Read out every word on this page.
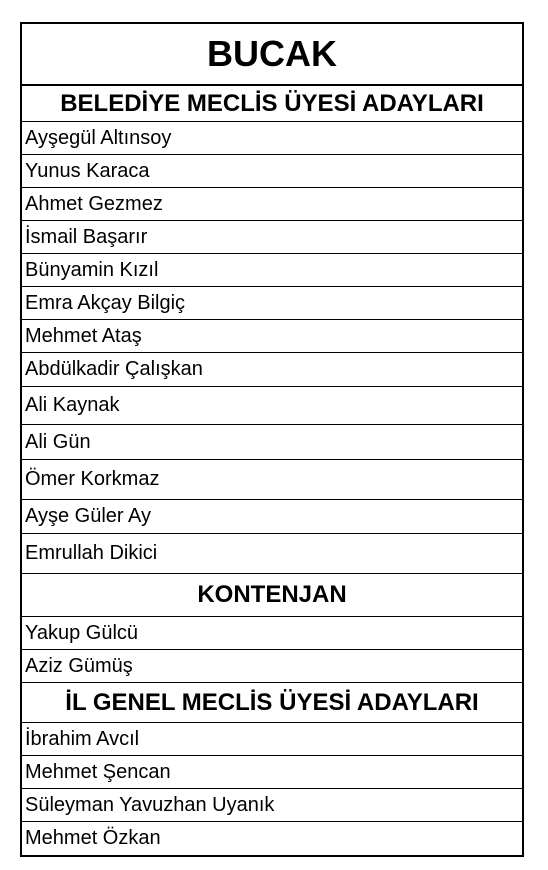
BUCAK
BELEDİYE MECLİS ÜYESİ ADAYLARI
Ayşegül Altınsoy
Yunus Karaca
Ahmet Gezmez
İsmail Başarır
Bünyamin Kızıl
Emra Akçay Bilgiç
Mehmet Ataş
Abdülkadir Çalışkan
Ali Kaynak
Ali Gün
Ömer Korkmaz
Ayşe Güler Ay
Emrullah Dikici
KONTENJAN
Yakup Gülcü
Aziz Gümüş
İL GENEL MECLİS ÜYESİ ADAYLARI
İbrahim Avcıl
Mehmet Şencan
Süleyman Yavuzhan Uyanık
Mehmet Özkan
